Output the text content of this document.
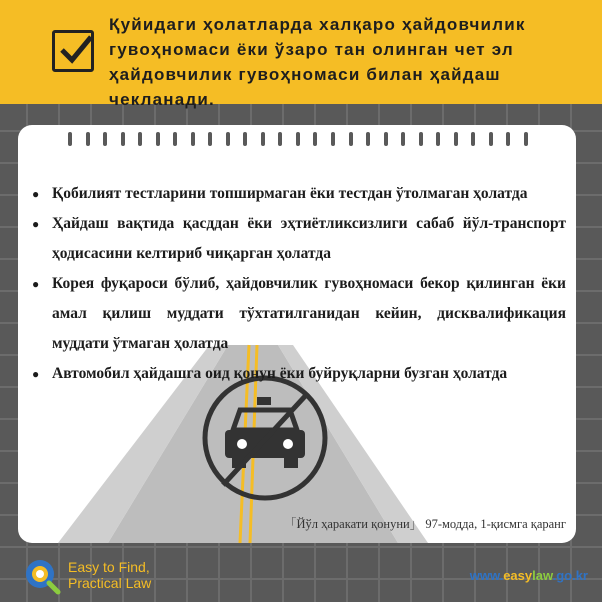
Қуйидаги ҳолатларда халқаро ҳайдовчилик гувоҳномаси ёки ўзаро тан олинган чет эл ҳайдовчилик гувоҳномаси билан ҳайдаш чекланади.
● Қобилият тестларини топширмаган ёки тестдан ўтолмаган ҳолатда
● Ҳайдаш вақтида қасддан ёки эҳтиётликсизлиги сабаб йўл-транспорт ҳодисасини келтириб чиқарган ҳолатда
● Корея фуқароси бўлиб, ҳайдовчилик гувоҳномаси бекор қилинган ёки амал қилиш муддати тўхтатилганидан кейин, дисквалификация муддати ўтмаган ҳолатда
● Автомобил ҳайдашга оид қонун ёки буйруқларни бузган ҳолатда
「Йўл ҳаракати қонуни」 97-модда, 1-қисмга қаранг
Easy to Find,
Practical Law	www.easylaw.go.kr
